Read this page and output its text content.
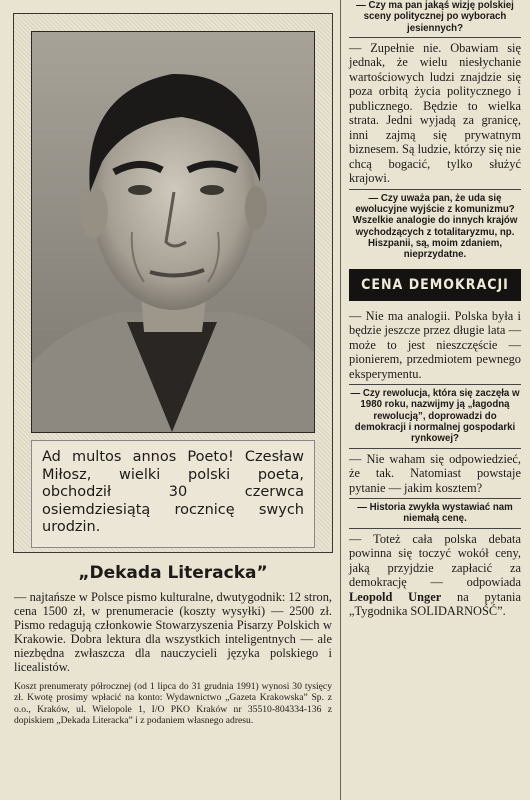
Ad multos annos Poeto! Czesław Miłosz, wielki polski poeta, obchodził 30 czerwca osiemdziesiątą rocznicę swych urodzin.

„Dekada Literacka”

— najtańsze w Polsce pismo kulturalne, dwutygodnik: 12 stron, cena 1500 zł, w prenumeracie (koszty wysyłki) — 2500 zł. Pismo redagują członkowie Stowarzyszenia Pisarzy Polskich w Krakowie. Dobra lektura dla wszystkich inteligentnych — ale niezbędna zwłaszcza dla nauczycieli języka polskiego i licealistów.

Koszt prenumeraty półrocznej (od 1 lipca do 31 grudnia 1991) wynosi 30 tysięcy zł. Kwotę prosimy wpłacić na konto: Wydawnictwo „Gazeta Krakowska” Sp. z o.o., Kraków, ul. Wielopole 1, I/O PKO Kraków nr 35510-804334-136 z dopiskiem „Dekada Literacka” i z podaniem własnego adresu.

— Czy ma pan jakąś wizję polskiej sceny politycznej po wyborach jesiennych?

— Zupełnie nie. Obawiam się jednak, że wielu niesłychanie wartościowych ludzi znajdzie się poza orbitą życia politycznego i publicznego. Będzie to wielka strata. Jedni wyjadą za granicę, inni zajmą się prywatnym biznesem. Są ludzie, którzy się nie chcą bogacić, tylko służyć krajowi.

— Czy uważa pan, że uda się ewolucyjne wyjście z komunizmu? Wszelkie analogie do innych krajów wychodzących z totalitaryzmu, np. Hiszpanii, są, moim zdaniem, nieprzydatne.

CENA DEMOKRACJI

— Nie ma analogii. Polska była i będzie jeszcze przez długie lata — może to jest nieszczęście — pionierem, przedmiotem pewnego eksperymentu.

— Czy rewolucja, która się zaczęła w 1980 roku, nazwijmy ją „łagodną rewolucją”, doprowadzi do demokracji i normalnej gospodarki rynkowej?

— Nie waham się odpowiedzieć, że tak. Natomiast powstaje pytanie — jakim kosztem?

— Historia zwykła wystawiać nam niemałą cenę.

— Toteż cała polska debata powinna się toczyć wokół ceny, jaką przyjdzie zapłacić za demokrację — odpowiada Leopold Unger na pytania „Tygodnika SOLIDARNOŚĆ”.
